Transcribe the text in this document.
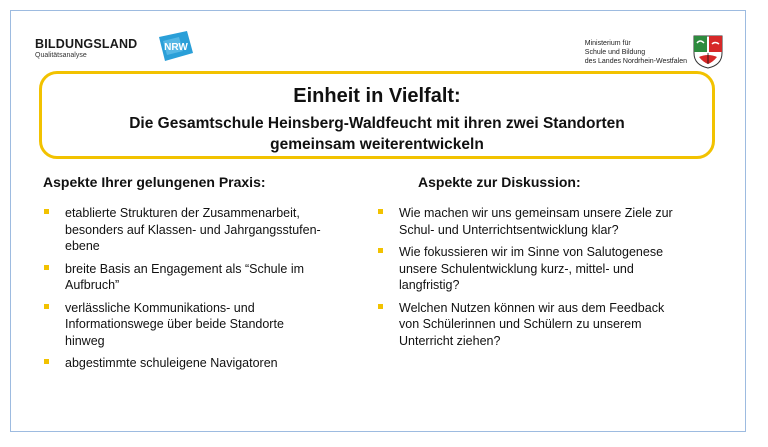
BILDUNGSLAND
Qualitätsanalyse
NRW	Ministerium für
Schule und Bildung
des Landes Nordrhein-Westfalen
Einheit in Vielfalt:
Die Gesamtschule Heinsberg-Waldfeucht mit ihren zwei Standorten
gemeinsam weiterentwickeln
Aspekte Ihrer gelungenen Praxis:	Aspekte zur Diskussion:
etablierte Strukturen der Zusammenarbeit,
besonders auf Klassen- und Jahrgangsstufen-
ebene
breite Basis an Engagement als “Schule im
Aufbruch”
verlässliche Kommunikations- und
Informationswege über beide Standorte
hinweg
abgestimmte schuleigene Navigatoren
Wie machen wir uns gemeinsam unsere Ziele zur
Schul- und Unterrichtsentwicklung klar?
Wie fokussieren wir im Sinne von Salutogenese
unsere Schulentwicklung kurz-, mittel- und
langfristig?
Welchen Nutzen können wir aus dem Feedback
von Schülerinnen und Schülern zu unserem
Unterricht ziehen?
